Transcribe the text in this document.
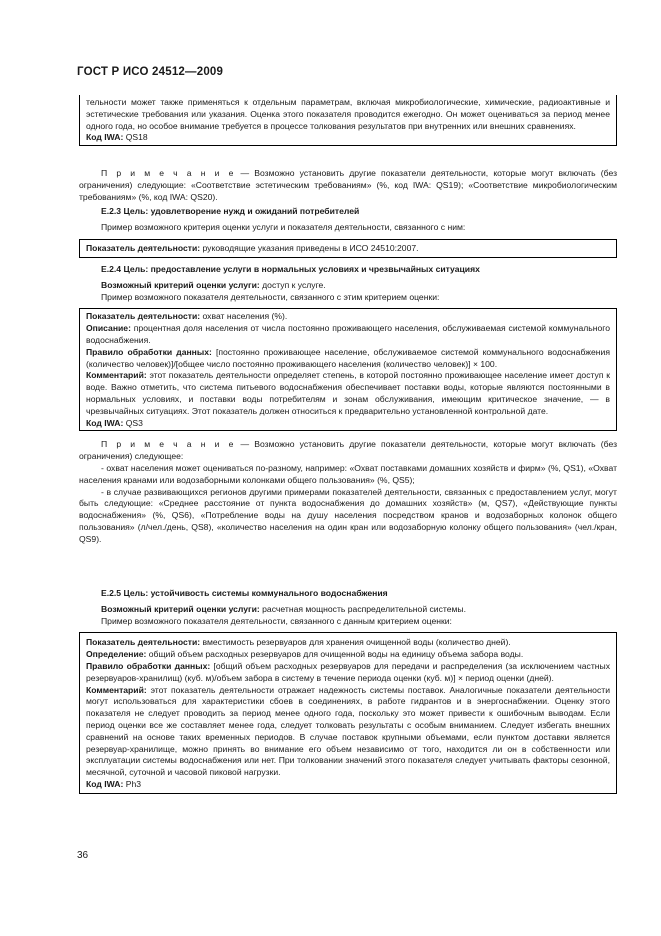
ГОСТ Р ИСО 24512—2009

тельности может также применяться к отдельным параметрам, включая микробиологические, химические, радиоактивные и эстетические требования или указания. Оценка этого показателя проводится ежегодно. Он может оцениваться за период менее одного года, но особое внимание требуется в процессе толкования результатов при внутренних или внешних сравнениях.

Код IWA: QS18

П р и м е ч а н и е — Возможно установить другие показатели деятельности, которые могут включать (без ограничения) следующие: «Соответствие эстетическим требованиям» (%, код IWA: QS19); «Соответствие микробиологическим требованиям» (%, код IWA: QS20).

Е.2.3 Цель: удовлетворение нужд и ожиданий потребителей

Пример возможного критерия оценки услуги и показателя деятельности, связанного с ним:

Показатель деятельности: руководящие указания приведены в ИСО 24510:2007.

Е.2.4 Цель: предоставление услуги в нормальных условиях и чрезвычайных ситуациях

Возможный критерий оценки услуги: доступ к услуге.

Пример возможного показателя деятельности, связанного с этим критерием оценки:

Показатель деятельности: охват населения (%).

Описание: процентная доля населения от числа постоянно проживающего населения, обслуживаемая системой коммунального водоснабжения.

Правило обработки данных: [постоянно проживающее население, обслуживаемое системой коммунального водоснабжения (количество человек)]/[общее число постоянно проживающего населения (количество человек)] × 100.

Комментарий: этот показатель деятельности определяет степень, в которой постоянно проживающее население имеет доступ к воде. Важно отметить, что система питьевого водоснабжения обеспечивает поставки воды, которые являются постоянными в нормальных условиях, и поставки воды потребителям и зонам обслуживания, имеющим критическое значение, — в чрезвычайных ситуациях. Этот показатель должен относиться к предварительно установленной контрольной дате.

Код IWA: QS3

П р и м е ч а н и е — Возможно установить другие показатели деятельности, которые могут включать (без ограничения) следующее:

- охват населения может оцениваться по-разному, например: «Охват поставками домашних хозяйств и фирм» (%, QS1), «Охват населения кранами или водозаборными колонками общего пользования» (%, QS5);

- в случае развивающихся регионов другими примерами показателей деятельности, связанных с предоставлением услуг, могут быть следующие: «Среднее расстояние от пункта водоснабжения до домашних хозяйств» (м, QS7), «Действующие пункты водоснабжения» (%, QS6), «Потребление воды на душу населения посредством кранов и водозаборных колонок общего пользования» (л/чел./день, QS8), «количество населения на один кран или водозаборную колонку общего пользования» (чел./кран, QS9).

Е.2.5 Цель: устойчивость системы коммунального водоснабжения

Возможный критерий оценки услуги: расчетная мощность распределительной системы.

Пример возможного показателя деятельности, связанного с данным критерием оценки:

Показатель деятельности: вместимость резервуаров для хранения очищенной воды (количество дней).

Определение: общий объем расходных резервуаров для очищенной воды на единицу объема забора воды.

Правило обработки данных: [общий объем расходных резервуаров для передачи и распределения (за исключением частных резервуаров-хранилищ) (куб. м)/объем забора в систему в течение периода оценки (куб. м)] × период оценки (дней).

Комментарий: этот показатель деятельности отражает надежность системы поставок. Аналогичные показатели деятельности могут использоваться для характеристики сбоев в соединениях, в работе гидрантов и в энергоснабжении. Оценку этого показателя не следует проводить за период менее одного года, поскольку это может привести к ошибочным выводам. Если период оценки все же составляет менее года, следует толковать результаты с особым вниманием. Следует избегать внешних сравнений на основе таких временных периодов. В случае поставок крупными объемами, если пунктом доставки является резервуар-хранилище, можно принять во внимание его объем независимо от того, находится ли он в собственности или эксплуатации системы водоснабжения или нет. При толковании значений этого показателя следует учитывать факторы сезонной, месячной, суточной и часовой пиковой нагрузки.

Код IWA: Ph3

36
